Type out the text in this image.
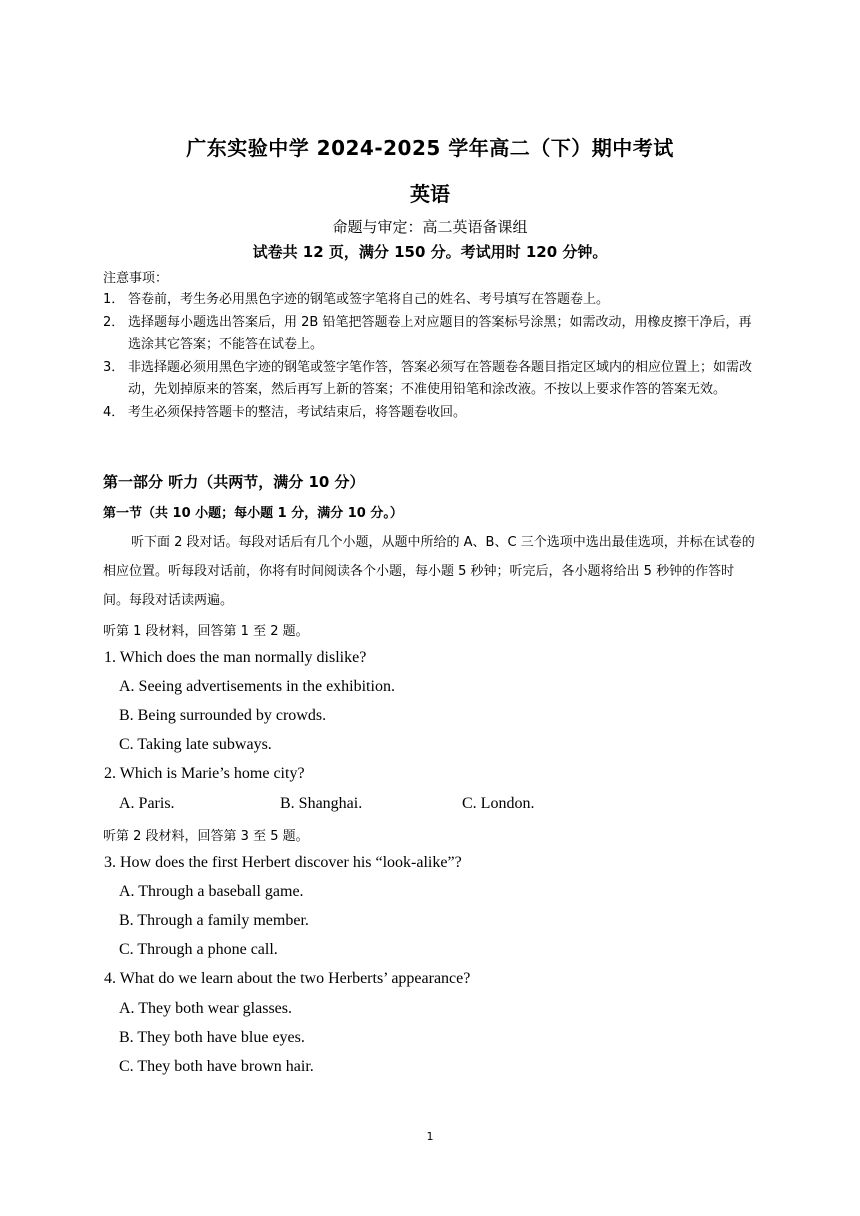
广东实验中学 2024-2025 学年高二（下）期中考试
英语
命题与审定：高二英语备课组
试卷共 12 页，满分 150 分。考试用时 120 分钟。
注意事项：
1． 答卷前，考生务必用黑色字迹的钢笔或签字笔将自己的姓名、考号填写在答题卷上。
2． 选择题每小题选出答案后，用 2B 铅笔把答题卷上对应题目的答案标号涂黑；如需改动，用橡皮擦干净后，再选涂其它答案；不能答在试卷上。
3． 非选择题必须用黑色字迹的钢笔或签字笔作答，答案必须写在答题卷各题目指定区域内的相应位置上；如需改动，先划掉原来的答案，然后再写上新的答案；不准使用铅笔和涂改液。不按以上要求作答的答案无效。
4． 考生必须保持答题卡的整洁，考试结束后，将答题卷收回。
第一部分 听力（共两节，满分 10 分）
第一节（共 10 小题；每小题 1 分，满分 10 分。）

听下面 2 段对话。每段对话后有几个小题，从题中所给的 A、B、C 三个选项中选出最佳选项，并标在试卷的相应位置。听每段对话前，你将有时间阅读各个小题，每小题 5 秒钟；听完后，各小题将给出 5 秒钟的作答时间。每段对话读两遍。

听第 1 段材料，回答第 1 至 2 题。
1. Which does the man normally dislike?
A. Seeing advertisements in the exhibition.
B. Being surrounded by crowds.
C. Taking late subways.
2. Which is Marie’s home city?
A. Paris.	B. Shanghai.	C. London.
听第 2 段材料，回答第 3 至 5 题。
3. How does the first Herbert discover his “look-alike”?
A. Through a baseball game.
B. Through a family member.
C. Through a phone call.
4. What do we learn about the two Herberts’ appearance?
A. They both wear glasses.
B. They both have blue eyes.
C. They both have brown hair.
1
